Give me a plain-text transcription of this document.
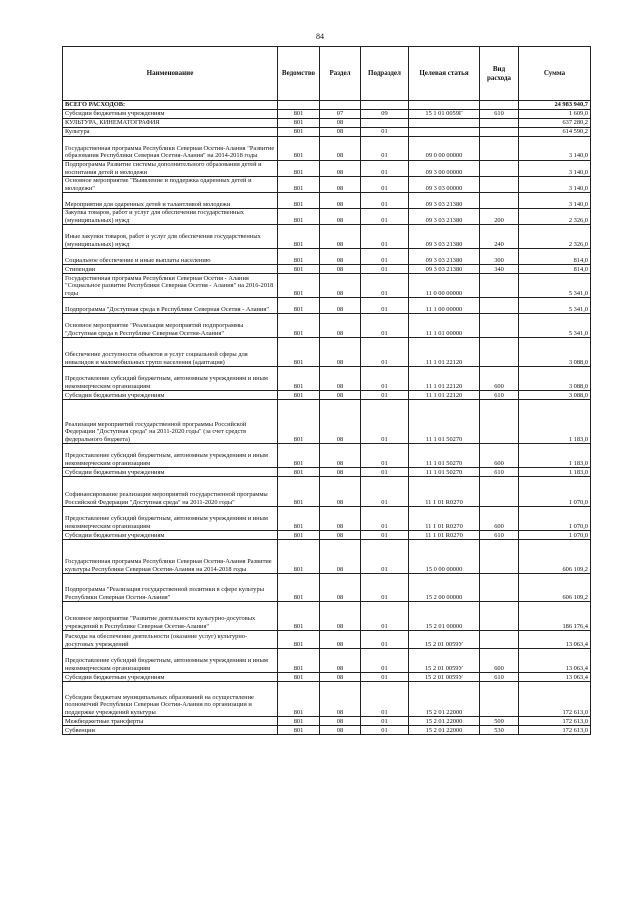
84
Наименование	Ведомство	Раздел	Подраздел	Целевая статья	Вид расхода	Сумма
ВСЕГО РАСХОДОВ:						24 983 940,7
Субсидии бюджетным учреждениям	801	07	09	15 1 01 0059Г	610	1 609,0
КУЛЬТУРА, КИНЕМАТОГРАФИЯ	801	08				637 280,2
Культура	801	08	01			614 590,2
Государственная программа Республики Северная Осетия-Алания "Развитие образования Республики Северная Осетия-Алания" на 2014-2018 годы	801	08	01	09 0 00 00000		3 140,0
Подпрограмма Развитие системы дополнительного образования детей и воспитания детей и молодежи	801	08	01	09 3 00 00000		3 140,0
Основное мероприятие "Выявление и поддержка одаренных детей и молодежи"	801	08	01	09 3 03 00000		3 140,0
Мероприятия для одаренных детей и талантливой молодежи	801	08	01	09 3 03 21380		3 140,0
Закупка товаров, работ и услуг для обеспечения государственных (муниципальных) нужд	801	08	01	09 3 03 21380	200	2 326,0
Иные закупки товаров, работ и услуг для обеспечения государственных (муниципальных) нужд	801	08	01	09 3 03 21380	240	2 326,0
Социальное обеспечение и иные выплаты населению	801	08	01	09 3 03 21380	300	814,0
Стипендии	801	08	01	09 3 03 21380	340	814,0
Государственная программа Республики Северная Осетия - Алания "Социальное развитие Республики Северная Осетия - Алания" на 2016-2018 годы	801	08	01	11 0 00 00000		5 341,0
Подпрограмма "Доступная среда в Республике Северная Осетия - Алания"	801	08	01	11 1 00 00000		5 341,0
Основное мероприятие "Реализация мероприятий подпрограммы "Доступная среда в Республике Северная Осетия-Алания"	801	08	01	11 1 01 00000		5 341,0
Обеспечение доступности объектов и услуг социальной сферы для инвалидов и маломобильных групп населения (адаптация)	801	08	01	11 1 01 22120		3 088,0
Предоставление субсидий бюджетным, автономным учреждениям и иным некоммерческим организациям	801	08	01	11 1 01 22120	600	3 088,0
Субсидии бюджетным учреждениям	801	08	01	11 1 01 22120	610	3 088,0
Реализация мероприятий государственной программы Российской Федерации "Доступная среда" на 2011-2020 годы" (за счет средств федерального бюджета)	801	08	01	11 1 01 50270		1 183,0
Предоставление субсидий бюджетным, автономным учреждениям и иным некоммерческим организациям	801	08	01	11 1 01 50270	600	1 183,0
Субсидии бюджетным учреждениям	801	08	01	11 1 01 50270	610	1 183,0
Софинансирование реализации мероприятий государственной программы Российской Федерации "Доступная среда" на 2011-2020 годы"	801	08	01	11 1 01 R0270		1 070,0
Предоставление субсидий бюджетным, автономным учреждениям и иным некоммерческим организациям	801	08	01	11 1 01 R0270	600	1 070,0
Субсидии бюджетным учреждениям	801	08	01	11 1 01 R0270	610	1 070,0
Государственная программа Республики Северная Осетия-Алания Развитие культуры Республики Северная Осетия-Алания на 2014-2018 годы	801	08	01	15 0 00 00000		606 109,2
Подпрограмма "Реализация государственной политики в сфере культуры Республики Северная Осетия-Алания"	801	08	01	15 2 00 00000		606 109,2
Основное мероприятие "Развитие деятельности культурно-досуговых учреждений в Республике Северная Осетия-Алания"	801	08	01	15 2 01 00000		186 176,4
Расходы на обеспечение деятельности (оказание услуг) культурно-досуговых учреждений	801	08	01	15 2 01 0059У		13 063,4
Предоставление субсидий бюджетным, автономным учреждениям и иным некоммерческим организациям	801	08	01	15 2 01 0059У	600	13 063,4
Субсидии бюджетным учреждениям	801	08	01	15 2 01 0059У	610	13 063,4
Субсидии бюджетам муниципальных образований на осуществление полномочий Республики Северная Осетия-Алания по организации и поддержке учреждений культуры	801	08	01	15 2 01 22000		172 613,0
Межбюджетные трансферты	801	08	01	15 2 01 22000	500	172 613,0
Субвенции	801	08	01	15 2 01 22000	530	172 613,0
